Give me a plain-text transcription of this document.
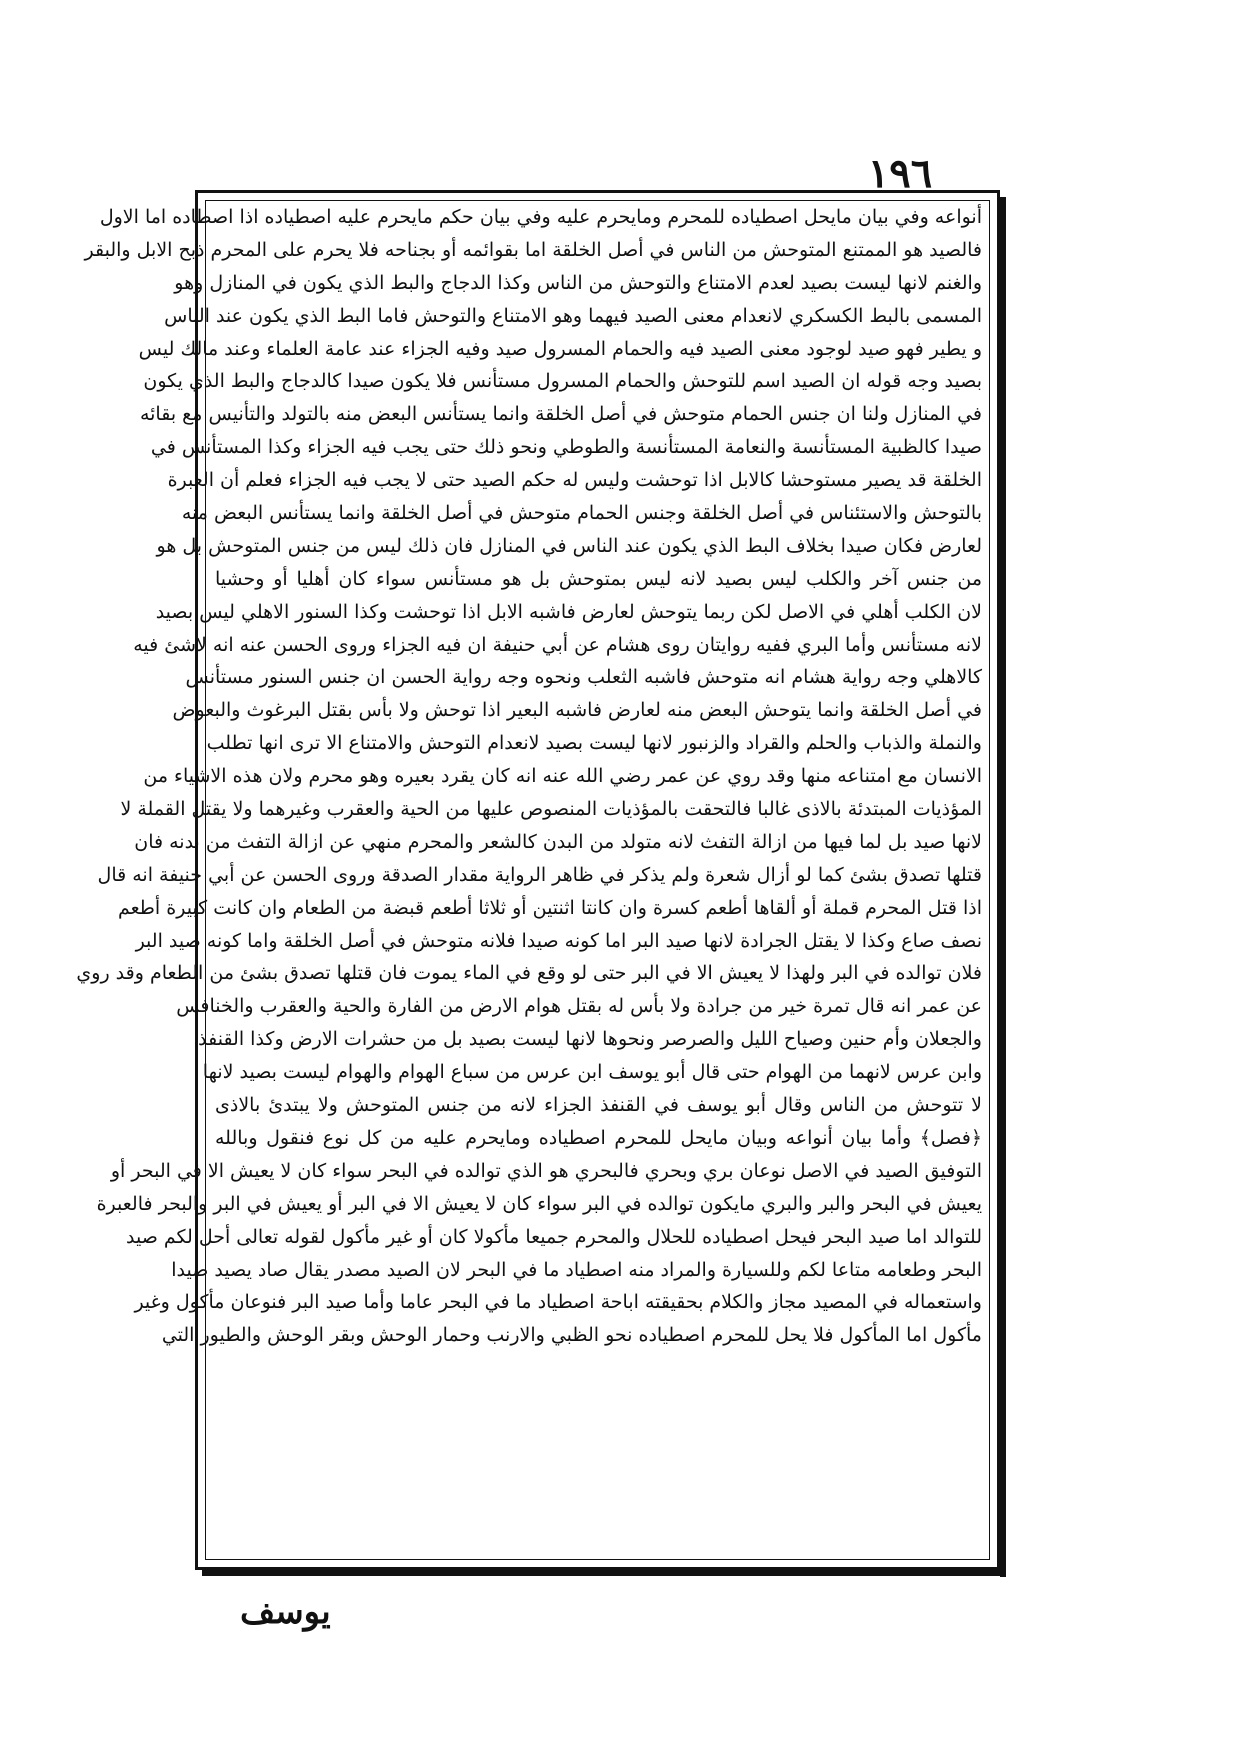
١٩٦
أنواعه وفي بيان مايحل اصطياده للمحرم ومايحرم عليه وفي بيان حكم مايحرم عليه اصطياده اذا اصطاده اما الاول
فالصيد هو الممتنع المتوحش من الناس في أصل الخلقة اما بقوائمه أو بجناحه فلا يحرم على المحرم ذبح الابل والبقر
والغنم لانها ليست بصيد لعدم الامتناع والتوحش من الناس وكذا الدجاج والبط الذي يكون في المنازل وهو
المسمى بالبط الكسكري لانعدام معنى الصيد فيهما وهو الامتناع والتوحش فاما البط الذي يكون عند الناس
و يطير فهو صيد لوجود معنى الصيد فيه والحمام المسرول صيد وفيه الجزاء عند عامة العلماء وعند مالك ليس
بصيد وجه قوله ان الصيد اسم للتوحش والحمام المسرول مستأنس فلا يكون صيدا كالدجاج والبط الذي يكون
في المنازل ولنا ان جنس الحمام متوحش في أصل الخلقة وانما يستأنس البعض منه بالتولد والتأنيس مع بقائه
صيدا كالظبية المستأنسة والنعامة المستأنسة والطوطي ونحو ذلك حتى يجب فيه الجزاء وكذا المستأنس في
الخلقة قد يصير مستوحشا كالابل اذا توحشت وليس له حكم الصيد حتى لا يجب فيه الجزاء فعلم أن العبرة
بالتوحش والاستئناس في أصل الخلقة وجنس الحمام متوحش في أصل الخلقة وانما يستأنس البعض منه
لعارض فكان صيدا بخلاف البط الذي يكون عند الناس في المنازل فان ذلك ليس من جنس المتوحش بل هو
من جنس آخر والكلب ليس بصيد لانه ليس بمتوحش بل هو مستأنس سواء كان أهليا أو وحشيا
لان الكلب أهلي في الاصل لكن ربما يتوحش لعارض فاشبه الابل اذا توحشت وكذا السنور الاهلي ليس بصيد
لانه مستأنس وأما البري ففيه روايتان روى هشام عن أبي حنيفة ان فيه الجزاء وروى الحسن عنه انه لاشئ فيه
كالاهلي وجه رواية هشام انه متوحش فاشبه الثعلب ونحوه وجه رواية الحسن ان جنس السنور مستأنس
في أصل الخلقة وانما يتوحش البعض منه لعارض فاشبه البعير اذا توحش ولا بأس بقتل البرغوث والبعوض
والنملة والذباب والحلم والقراد والزنبور لانها ليست بصيد لانعدام التوحش والامتناع الا ترى انها تطلب
الانسان مع امتناعه منها وقد روي عن عمر رضي الله عنه انه كان يقرد بعيره وهو محرم ولان هذه الاشياء من
المؤذيات المبتدئة بالاذى غالبا فالتحقت بالمؤذيات المنصوص عليها من الحية والعقرب وغيرهما ولا يقتل القملة لا
لانها صيد بل لما فيها من ازالة التفث لانه متولد من البدن كالشعر والمحرم منهي عن ازالة التفث من بدنه فان
قتلها تصدق بشئ كما لو أزال شعرة ولم يذكر في ظاهر الرواية مقدار الصدقة وروى الحسن عن أبي حنيفة انه قال
اذا قتل المحرم قملة أو ألقاها أطعم كسرة وان كانتا اثنتين أو ثلاثا أطعم قبضة من الطعام وان كانت كبيرة أطعم
نصف صاع وكذا لا يقتل الجرادة لانها صيد البر اما كونه صيدا فلانه متوحش في أصل الخلقة واما كونه صيد البر
فلان توالده في البر ولهذا لا يعيش الا في البر حتى لو وقع في الماء يموت فان قتلها تصدق بشئ من الطعام وقد روي
عن عمر انه قال تمرة خير من جرادة ولا بأس له بقتل هوام الارض من الفارة والحية والعقرب والخنافس
والجعلان وأم حنين وصياح الليل والصرصر ونحوها لانها ليست بصيد بل من حشرات الارض وكذا القنفذ
وابن عرس لانهما من الهوام حتى قال أبو يوسف ابن عرس من سباع الهوام والهوام ليست بصيد لانها
لا تتوحش من الناس وقال أبو يوسف في القنفذ الجزاء لانه من جنس المتوحش ولا يبتدئ بالاذى
﴿فصل﴾ وأما بيان أنواعه وبيان مايحل للمحرم اصطياده ومايحرم عليه من كل نوع فنقول وبالله
التوفيق الصيد في الاصل نوعان بري وبحري فالبحري هو الذي توالده في البحر سواء كان لا يعيش الا في البحر أو
يعيش في البحر والبر والبري مايكون توالده في البر سواء كان لا يعيش الا في البر أو يعيش في البر والبحر فالعبرة
للتوالد اما صيد البحر فيحل اصطياده للحلال والمحرم جميعا مأكولا كان أو غير مأكول لقوله تعالى أحل لكم صيد
البحر وطعامه متاعا لكم وللسيارة والمراد منه اصطياد ما في البحر لان الصيد مصدر يقال صاد يصيد صيدا
واستعماله في المصيد مجاز والكلام بحقيقته اباحة اصطياد ما في البحر عاما وأما صيد البر فنوعان مأكول وغير
مأكول اما المأكول فلا يحل للمحرم اصطياده نحو الظبي والارنب وحمار الوحش وبقر الوحش والطيور التي
يوسف
